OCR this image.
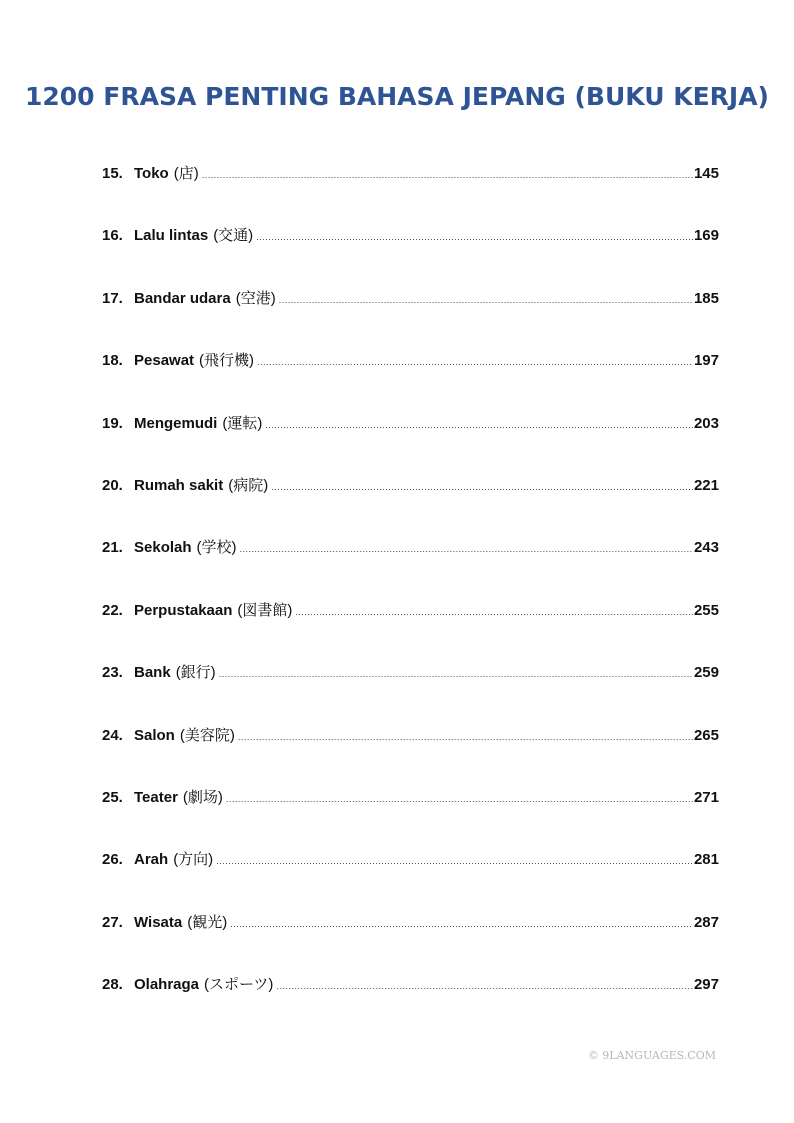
1200 FRASA PENTING BAHASA JEPANG (BUKU KERJA)
15. Toko (店) .....	145
16. Lalu lintas (交通) .....	169
17. Bandar udara (空港) .....	185
18. Pesawat (飛行機) .....	197
19. Mengemudi (運転) .....	203
20. Rumah sakit (病院) .....	221
21. Sekolah (学校) .....	243
22. Perpustakaan (図書館) .....	255
23. Bank (銀行) .....	259
24. Salon (美容院) .....	265
25. Teater (劇场) .....	271
26. Arah (方向) .....	281
27. Wisata (観光) .....	287
28. Olahraga (スポーツ) .....	297
© 9LANGUAGES.COM
